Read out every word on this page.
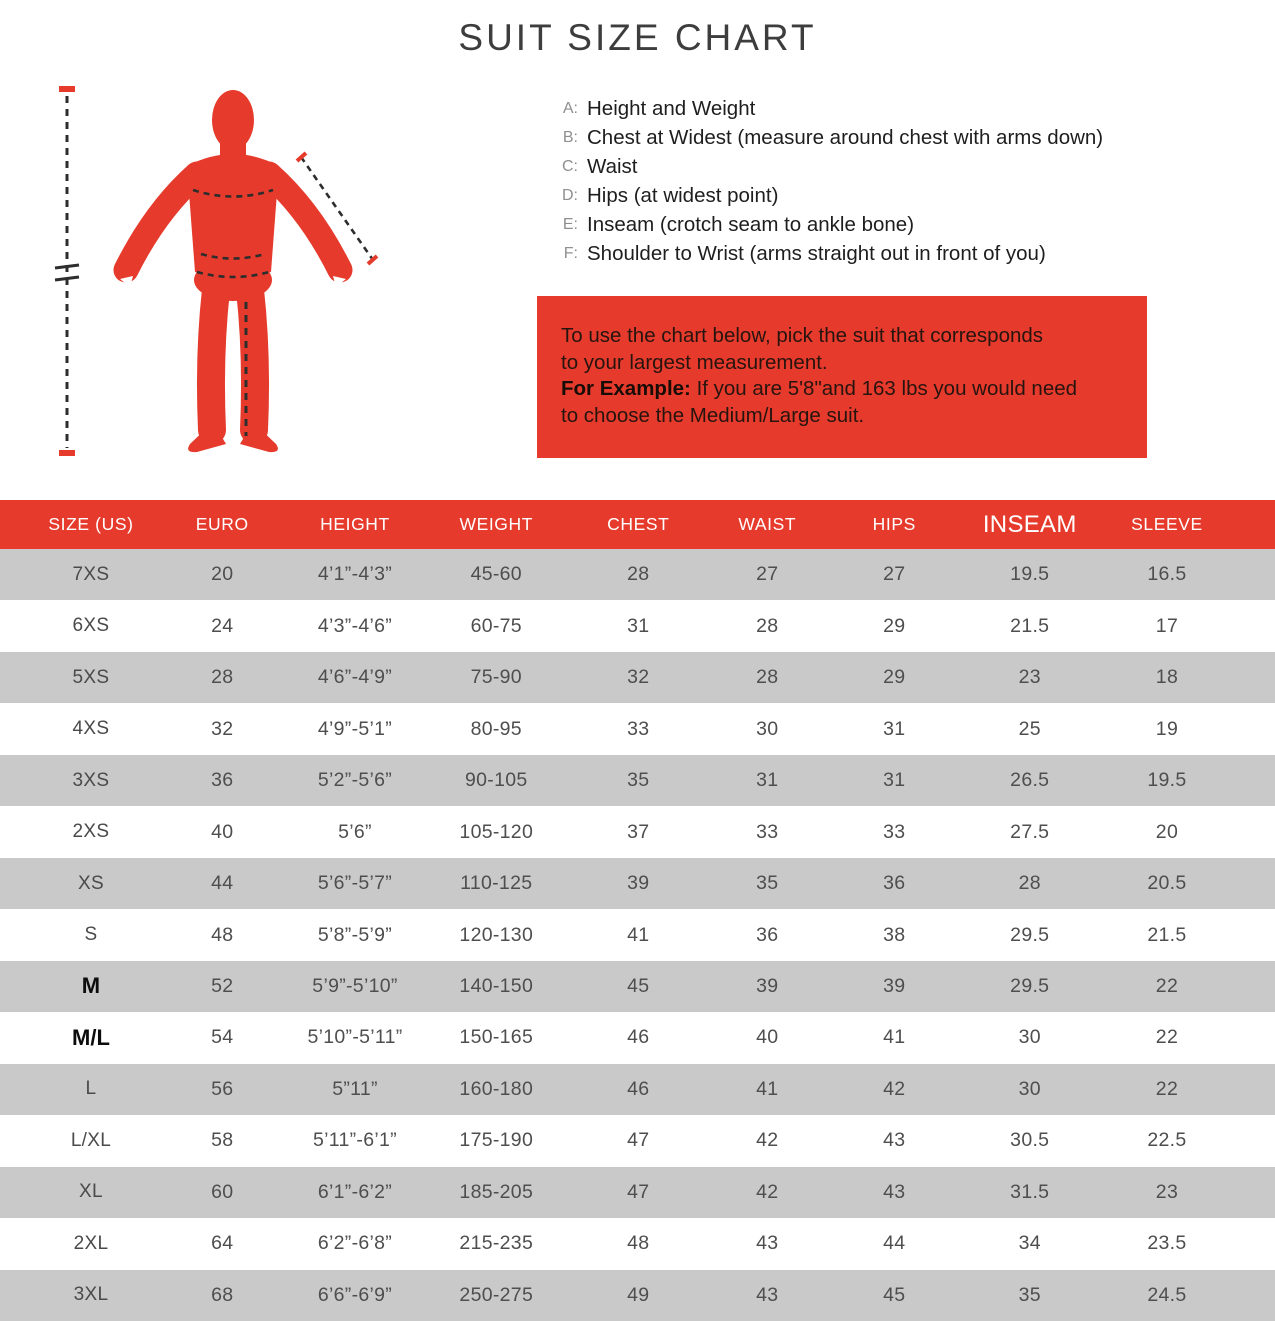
SUIT SIZE CHART
A: Height and Weight
B: Chest at Widest (measure around chest with arms down)
C: Waist
D: Hips (at widest point)
E: Inseam (crotch seam to ankle bone)
F: Shoulder to Wrist (arms straight out in front of you)
To use the chart below, pick the suit that corresponds
to your largest measurement.
For Example: If you are 5'8"and 163 lbs you would need
to choose the Medium/Large suit.
SIZE (US)	EURO	HEIGHT	WEIGHT	CHEST	WAIST	HIPS	INSEAM	SLEEVE
7XS	20	4’1”-4’3”	45-60	28	27	27	19.5	16.5
6XS	24	4’3”-4’6”	60-75	31	28	29	21.5	17
5XS	28	4’6”-4’9”	75-90	32	28	29	23	18
4XS	32	4’9”-5’1”	80-95	33	30	31	25	19
3XS	36	5’2”-5’6”	90-105	35	31	31	26.5	19.5
2XS	40	5’6”	105-120	37	33	33	27.5	20
XS	44	5’6”-5’7”	110-125	39	35	36	28	20.5
S	48	5’8”-5’9”	120-130	41	36	38	29.5	21.5
M	52	5’9”-5’10”	140-150	45	39	39	29.5	22
M/L	54	5’10”-5’11”	150-165	46	40	41	30	22
L	56	5”11”	160-180	46	41	42	30	22
L/XL	58	5’11”-6’1”	175-190	47	42	43	30.5	22.5
XL	60	6’1”-6’2”	185-205	47	42	43	31.5	23
2XL	64	6’2”-6’8”	215-235	48	43	44	34	23.5
3XL	68	6’6”-6’9”	250-275	49	43	45	35	24.5
